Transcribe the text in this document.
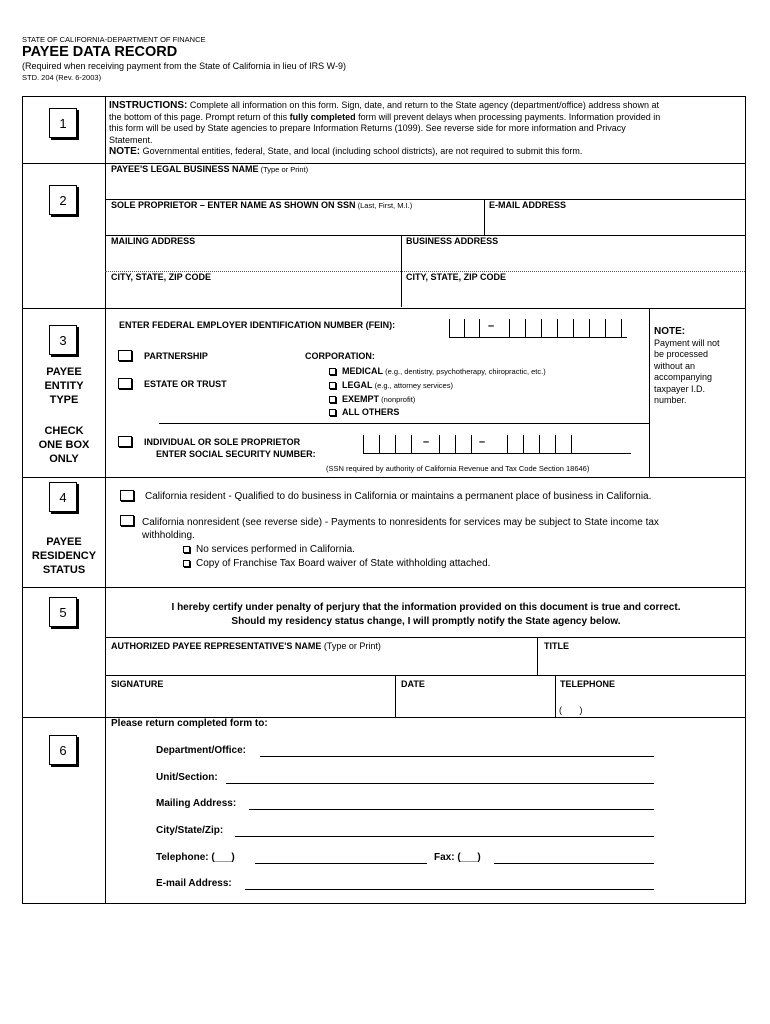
STATE OF CALIFORNIA-DEPARTMENT OF FINANCE
PAYEE DATA RECORD
(Required when receiving payment from the State of California in lieu of IRS W-9)
STD. 204 (Rev. 6-2003)
1
INSTRUCTIONS: Complete all information on this form. Sign, date, and return to the State agency (department/office) address shown at
the bottom of this page. Prompt return of this fully completed form will prevent delays when processing payments. Information provided in
this form will be used by State agencies to prepare Information Returns (1099). See reverse side for more information and Privacy
Statement.
NOTE: Governmental entities, federal, State, and local (including school districts), are not required to submit this form.
2
PAYEE'S LEGAL BUSINESS NAME (Type or Print)
SOLE PROPRIETOR – ENTER NAME AS SHOWN ON SSN (Last, First, M.I.)	E-MAIL ADDRESS
MAILING ADDRESS	BUSINESS ADDRESS
CITY, STATE, ZIP CODE	CITY, STATE, ZIP CODE
3
PAYEE
ENTITY
TYPE
CHECK
ONE BOX
ONLY
ENTER FEDERAL EMPLOYER IDENTIFICATION NUMBER (FEIN):	–
PARTNERSHIP
ESTATE OR TRUST
CORPORATION:
MEDICAL (e.g., dentistry, psychotherapy, chiropractic, etc.)
LEGAL (e.g., attorney services)
EXEMPT (nonprofit)
ALL OTHERS
INDIVIDUAL OR SOLE PROPRIETOR
ENTER SOCIAL SECURITY NUMBER:
–	–
(SSN required by authority of California Revenue and Tax Code Section 18646)
NOTE:
Payment will not
be processed
without an
accompanying
taxpayer I.D.
number.
4
PAYEE
RESIDENCY
STATUS
California resident - Qualified to do business in California or maintains a permanent place of business in California.
California nonresident (see reverse side) - Payments to nonresidents for services may be subject to State income tax
withholding.
No services performed in California.
Copy of Franchise Tax Board waiver of State withholding attached.
5	I hereby certify under penalty of perjury that the information provided on this document is true and correct.
Should my residency status change, I will promptly notify the State agency below.
AUTHORIZED PAYEE REPRESENTATIVE'S NAME (Type or Print)	TITLE
SIGNATURE	DATE	TELEPHONE
(       )
6
Please return completed form to:
Department/Office:
Unit/Section:
Mailing Address:
City/State/Zip:
Telephone: (___)	Fax: (___)
E-mail Address:
